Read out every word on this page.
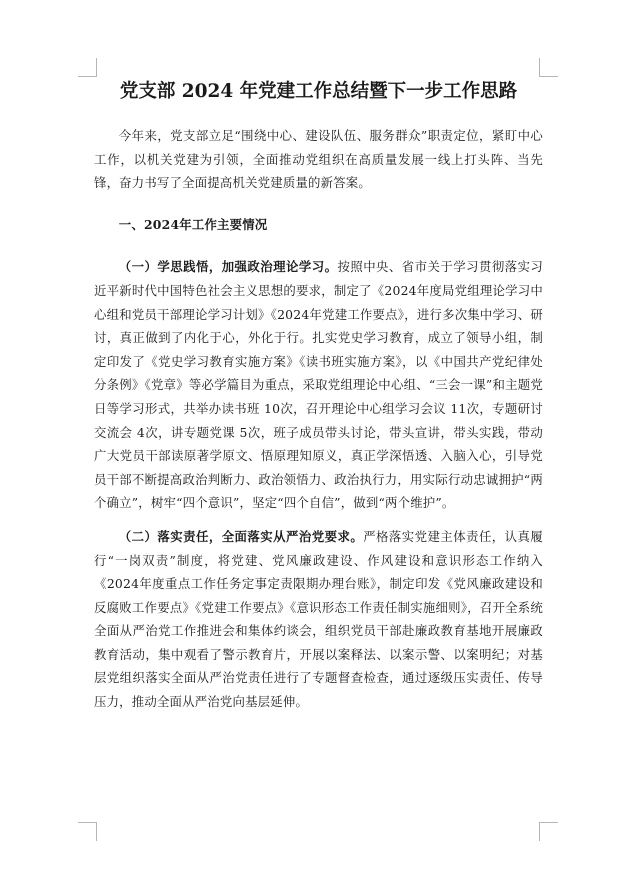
党支部 2024 年党建工作总结暨下一步工作思路

今年来，党支部立足“围绕中心、建设队伍、服务群众”职责定位，紧盯中心工作，以机关党建为引领，全面推动党组织在高质量发展一线上打头阵、当先锋，奋力书写了全面提高机关党建质量的新答案。

一、2024年工作主要情况

（一）学思践悟，加强政治理论学习。按照中央、省市关于学习贯彻落实习近平新时代中国特色社会主义思想的要求，制定了《2024年度局党组理论学习中心组和党员干部理论学习计划》《2024年党建工作要点》，进行多次集中学习、研讨，真正做到了内化于心，外化于行。扎实党史学习教育，成立了领导小组，制定印发了《党史学习教育实施方案》《读书班实施方案》，以《中国共产党纪律处分条例》《党章》等必学篇目为重点，采取党组理论中心组、“三会一课”和主题党日等学习形式，共举办读书班 10次，召开理论中心组学习会议 11次，专题研讨交流会 4次，讲专题党课 5次，班子成员带头讨论，带头宣讲，带头实践，带动广大党员干部读原著学原文、悟原理知原义，真正学深悟透、入脑入心，引导党员干部不断提高政治判断力、政治领悟力、政治执行力，用实际行动忠诚拥护“两个确立”，树牢“四个意识”，坚定“四个自信”，做到“两个维护”。

（二）落实责任，全面落实从严治党要求。严格落实党建主体责任，认真履行“一岗双责”制度，将党建、党风廉政建设、作风建设和意识形态工作纳入《2024年度重点工作任务定事定责限期办理台账》，制定印发《党风廉政建设和反腐败工作要点》《党建工作要点》《意识形态工作责任制实施细则》，召开全系统全面从严治党工作推进会和集体约谈会，组织党员干部赴廉政教育基地开展廉政教育活动，集中观看了警示教育片，开展以案释法、以案示警、以案明纪；对基层党组织落实全面从严治党责任进行了专题督查检查，通过逐级压实责任、传导压力，推动全面从严治党向基层延伸。
